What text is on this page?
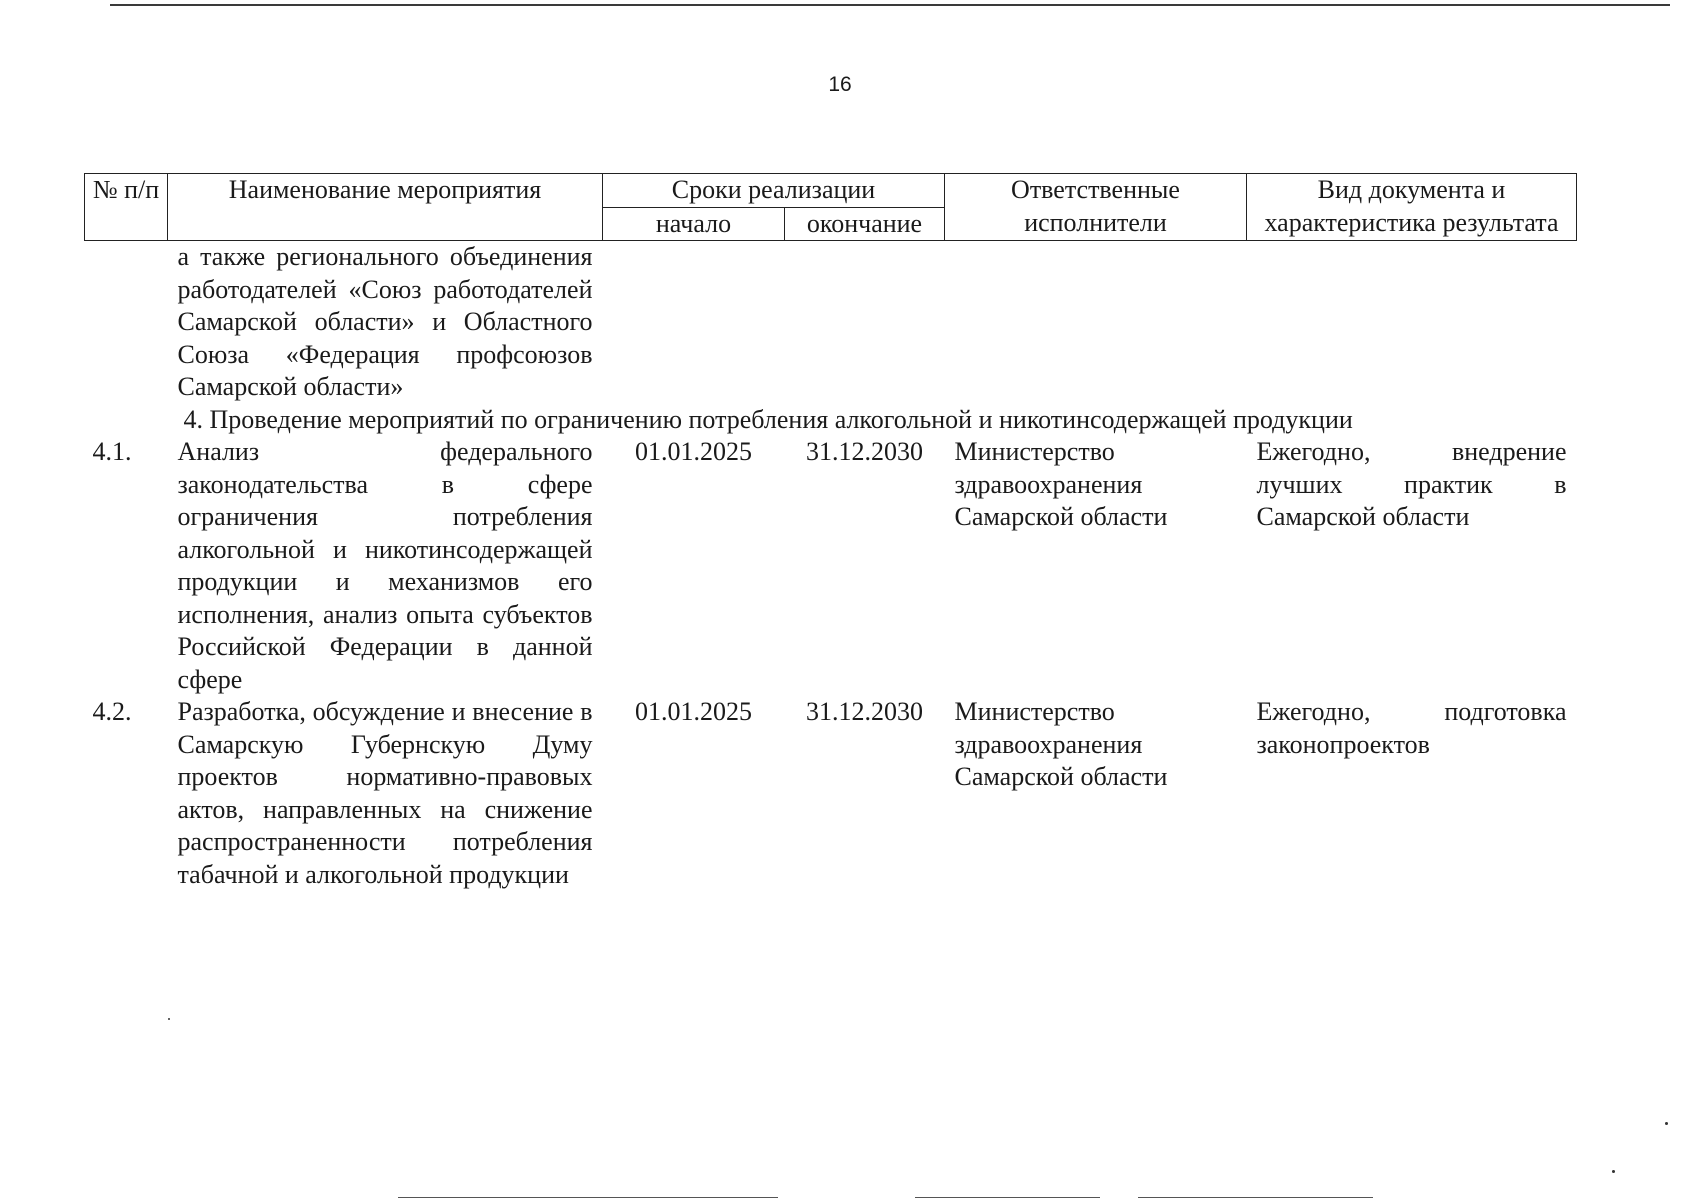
16
№ п/п	Наименование мероприятия	Сроки реализации		Ответственные исполнители	Вид документа и характеристика результата
		начало	окончание		
	а также регионального объединения работодателей «Союз работодателей Самарской области» и Областного Союза «Федерация профсоюзов Самарской области»				
4. Проведение мероприятий по ограничению потребления алкогольной и никотинсодержащей продукции					
4.1.	Анализ федерального законодательства в сфере ограничения потребления алкогольной и никотинсодержащей продукции и механизмов его исполнения, анализ опыта субъектов Российской Федерации в данной сфере	01.01.2025	31.12.2030	Министерство здравоохранения Самарской области	Ежегодно, внедрение лучших практик в Самарской области
4.2.	Разработка, обсуждение и внесение в Самарскую Губернскую Думу проектов нормативно-правовых актов, направленных на снижение распространенности потребления табачной и алкогольной продукции	01.01.2025	31.12.2030	Министерство здравоохранения Самарской области	Ежегодно, подготовка законопроектов
